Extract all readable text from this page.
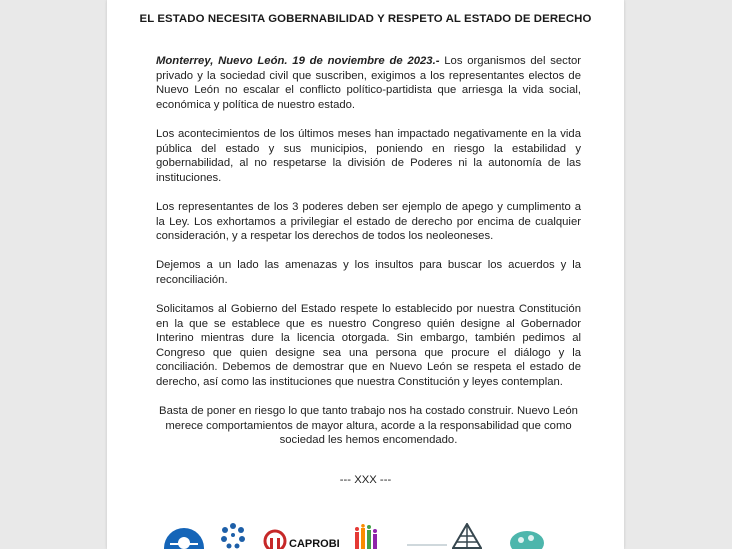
EL ESTADO NECESITA GOBERNABILIDAD Y RESPETO AL ESTADO DE DERECHO

Monterrey, Nuevo León. 19 de noviembre de 2023.- Los organismos del sector privado y la sociedad civil que suscriben, exigimos a los representantes electos de Nuevo León no escalar el conflicto político-partidista que arriesga la vida social, económica y política de nuestro estado.

Los acontecimientos de los últimos meses han impactado negativamente en la vida pública del estado y sus municipios, poniendo en riesgo la estabilidad y gobernabilidad, al no respetarse la división de Poderes ni la autonomía de las instituciones.

Los representantes de los 3 poderes deben ser ejemplo de apego y cumplimento a la Ley. Los exhortamos a privilegiar el estado de derecho por encima de cualquier consideración, y a respetar los derechos de todos los neoleoneses.

Dejemos a un lado las amenazas y los insultos para buscar los acuerdos y la reconciliación.

Solicitamos al Gobierno del Estado respete lo establecido por nuestra Constitución en la que se establece que es nuestro Congreso quién designe al Gobernador Interino mientras dure la licencia otorgada. Sin embargo, también pedimos al Congreso que quien designe sea una persona que procure el diálogo y la conciliación. Debemos de demostrar que en Nuevo León se respeta el estado de derecho, así como las instituciones que nuestra Constitución y leyes contemplan.

Basta de poner en riesgo lo que tanto trabajo nos ha costado construir. Nuevo León merece comportamientos de mayor altura, acorde a la responsabilidad que como sociedad les hemos encomendado.

--- XXX ---
CAPROBI
